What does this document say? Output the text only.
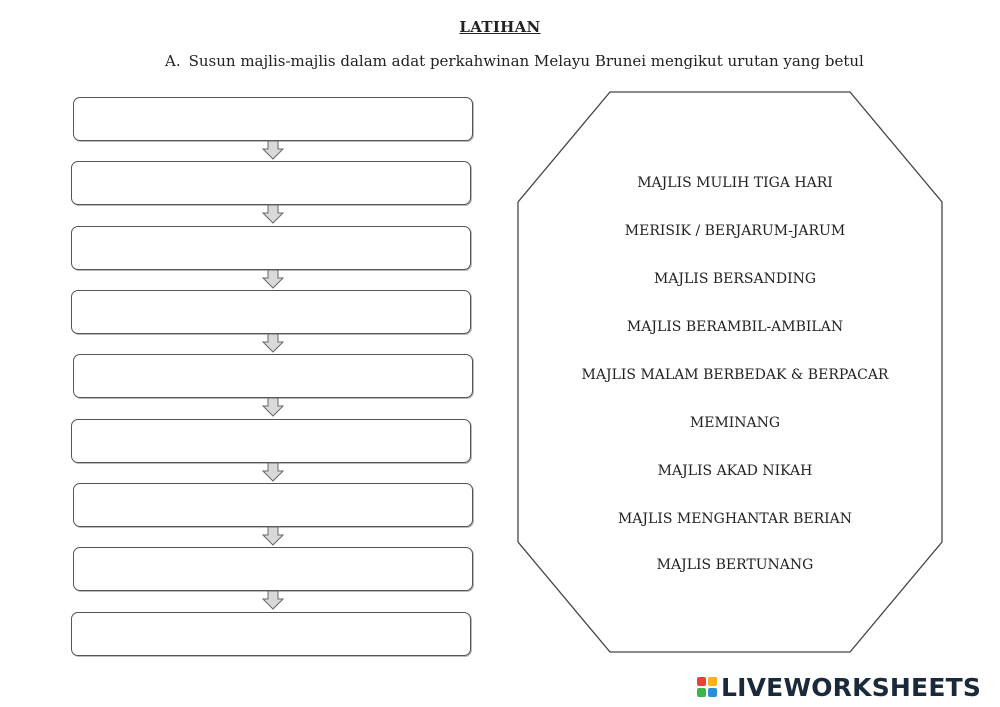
LATIHAN
A. Susun majlis-majlis dalam adat perkahwinan Melayu Brunei mengikut urutan yang betul
MAJLIS MULIH TIGA HARI
MERISIK / BERJARUM-JARUM
MAJLIS BERSANDING
MAJLIS BERAMBIL-AMBILAN
MAJLIS MALAM BERBEDAK & BERPACAR
MEMINANG
MAJLIS AKAD NIKAH
MAJLIS MENGHANTAR BERIAN
MAJLIS BERTUNANG
LIVEWORKSHEETS
